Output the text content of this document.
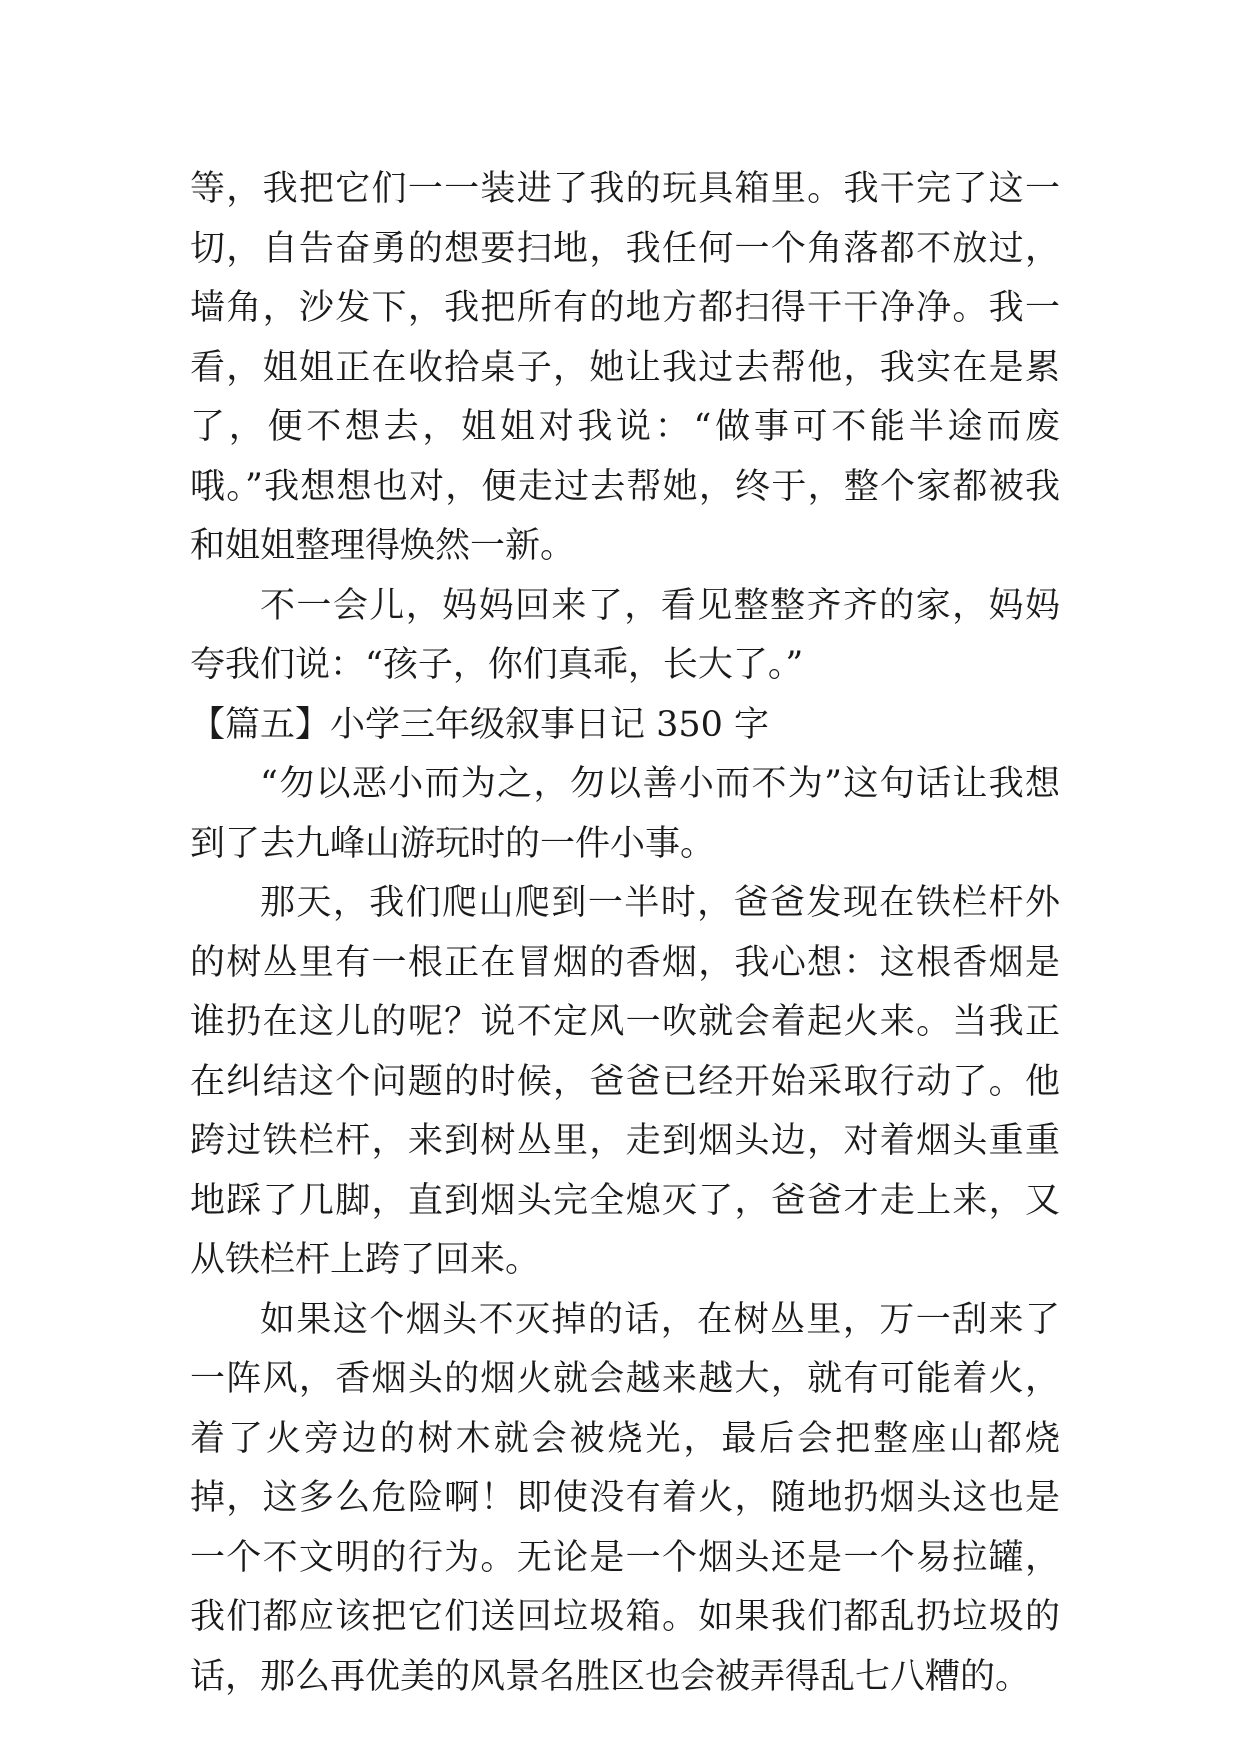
等，我把它们一一装进了我的玩具箱里。我干完了这一切，自告奋勇的想要扫地，我任何一个角落都不放过，墙角，沙发下，我把所有的地方都扫得干干净净。我一看，姐姐正在收拾桌子，她让我过去帮他，我实在是累了，便不想去，姐姐对我说：“做事可不能半途而废哦。”我想想也对，便走过去帮她，终于，整个家都被我和姐姐整理得焕然一新。

不一会儿，妈妈回来了，看见整整齐齐的家，妈妈夸我们说：“孩子，你们真乖，长大了。”

【篇五】小学三年级叙事日记 350 字

“勿以恶小而为之，勿以善小而不为”这句话让我想到了去九峰山游玩时的一件小事。

那天，我们爬山爬到一半时，爸爸发现在铁栏杆外的树丛里有一根正在冒烟的香烟，我心想：这根香烟是谁扔在这儿的呢？说不定风一吹就会着起火来。当我正在纠结这个问题的时候，爸爸已经开始采取行动了。他跨过铁栏杆，来到树丛里，走到烟头边，对着烟头重重地踩了几脚，直到烟头完全熄灭了，爸爸才走上来，又从铁栏杆上跨了回来。

如果这个烟头不灭掉的话，在树丛里，万一刮来了一阵风，香烟头的烟火就会越来越大，就有可能着火，着了火旁边的树木就会被烧光，最后会把整座山都烧掉，这多么危险啊！即使没有着火，随地扔烟头这也是一个不文明的行为。无论是一个烟头还是一个易拉罐，我们都应该把它们送回垃圾箱。如果我们都乱扔垃圾的话，那么再优美的风景名胜区也会被弄得乱七八糟的。
